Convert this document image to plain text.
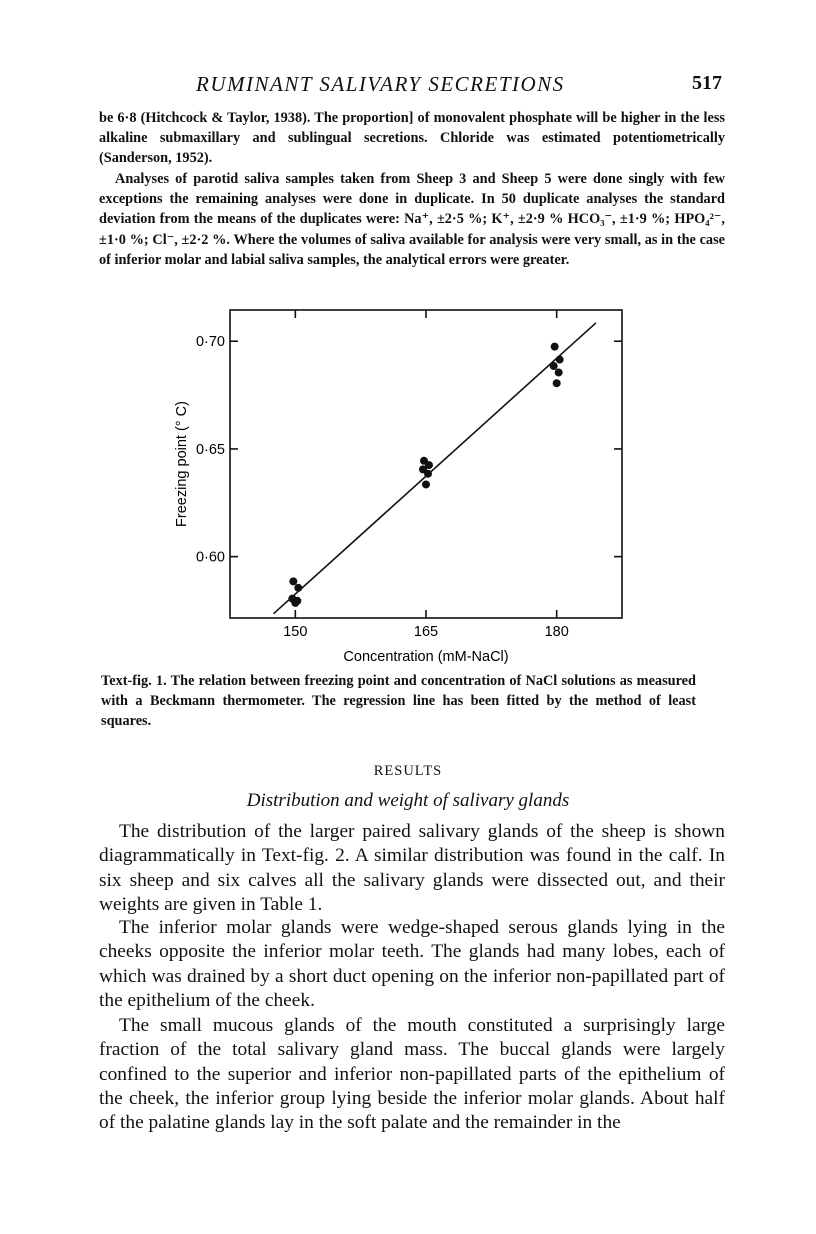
RUMINANT SALIVARY SECRETIONS	517

be 6·8 (Hitchcock & Taylor, 1938). The proportion] of monovalent phosphate will be higher in the less alkaline submaxillary and sublingual secretions. Chloride was estimated potentiometrically (Sanderson, 1952).

Analyses of parotid saliva samples taken from Sheep 3 and Sheep 5 were done singly with few exceptions the remaining analyses were done in duplicate. In 50 duplicate analyses the standard deviation from the means of the duplicates were: Na⁺, ±2·5 %; K⁺, ±2·9 % HCO₃⁻, ±1·9 %; HPO₄²⁻, ±1·0 %; Cl⁻, ±2·2 %. Where the volumes of saliva available for analysis were very small, as in the case of inferior molar and labial saliva samples, the analytical errors were greater.

150	165	180
0·60
0·65
0·70
Concentration (mM-NaCl)
Freezing point (° C)

Text-fig. 1. The relation between freezing point and concentration of NaCl solutions as measured with a Beckmann thermometer. The regression line has been fitted by the method of least squares.

RESULTS
Distribution and weight of salivary glands

The distribution of the larger paired salivary glands of the sheep is shown diagrammatically in Text-fig. 2. A similar distribution was found in the calf. In six sheep and six calves all the salivary glands were dissected out, and their weights are given in Table 1.

The inferior molar glands were wedge-shaped serous glands lying in the cheeks opposite the inferior molar teeth. The glands had many lobes, each of which was drained by a short duct opening on the inferior non-papillated part of the epithelium of the cheek.

The small mucous glands of the mouth constituted a surprisingly large fraction of the total salivary gland mass. The buccal glands were largely confined to the superior and inferior non-papillated parts of the epithelium of the cheek, the inferior group lying beside the inferior molar glands. About half of the palatine glands lay in the soft palate and the remainder in the
